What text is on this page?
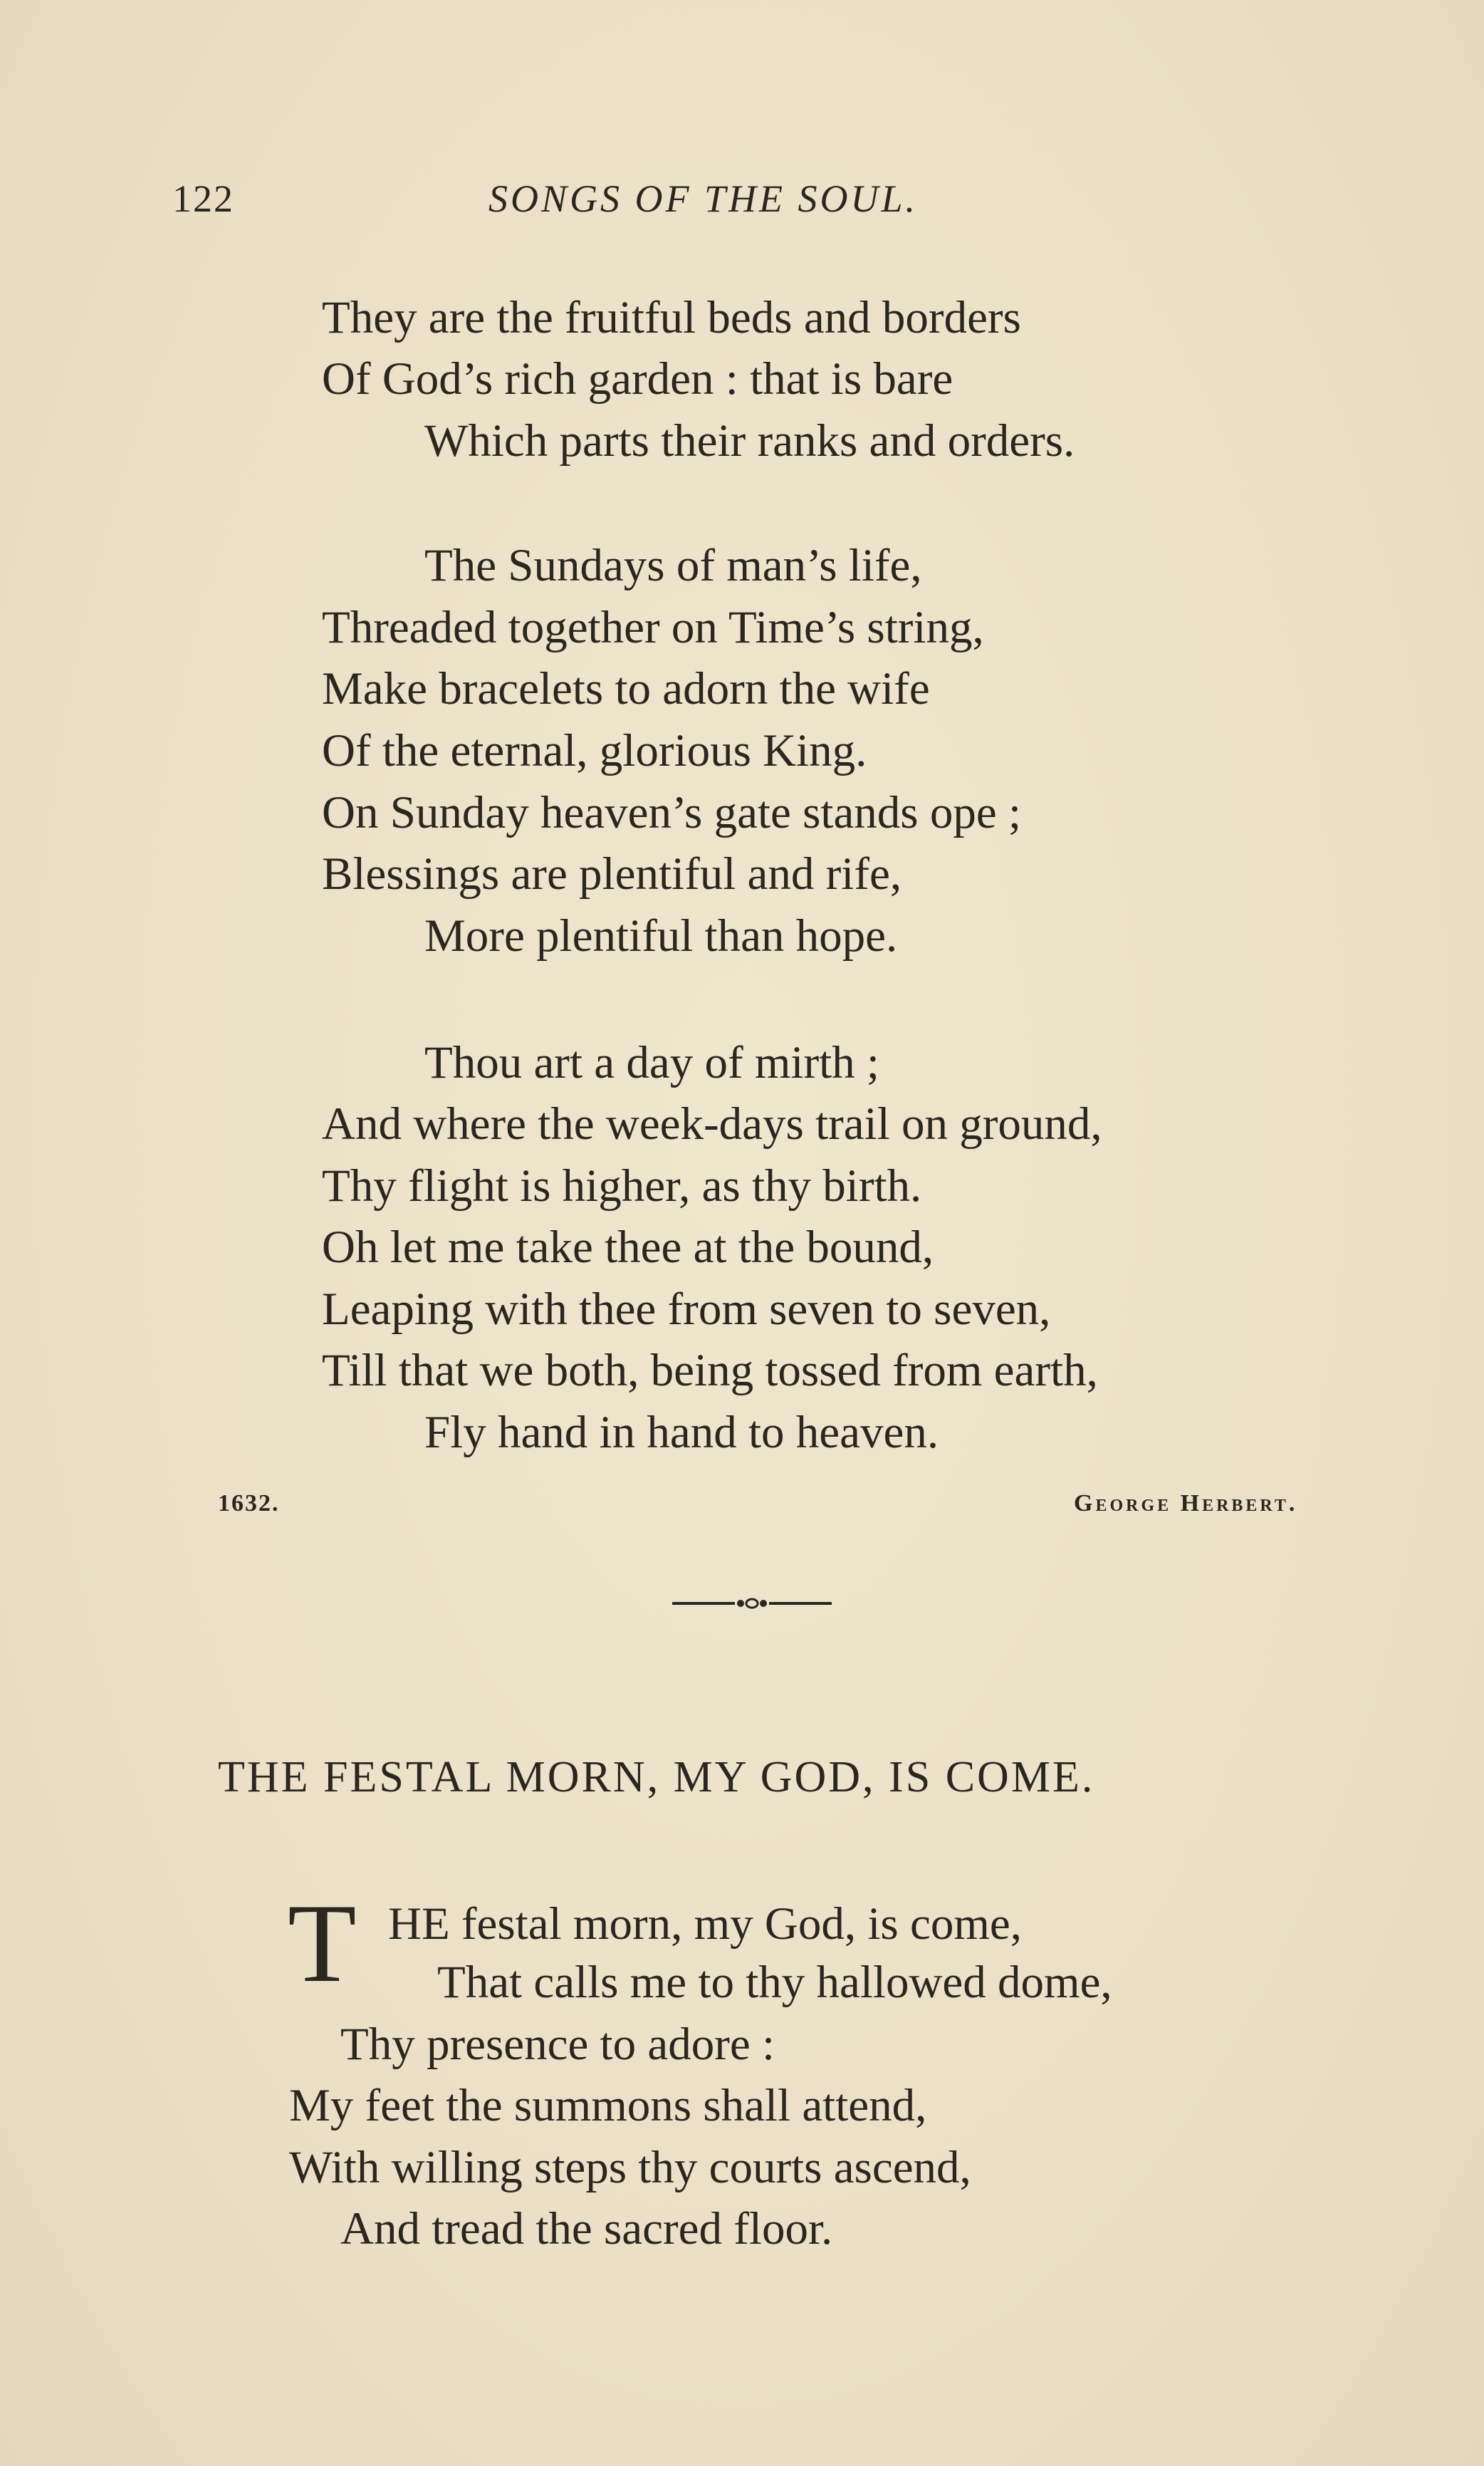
122	SONGS OF THE SOUL.
They are the fruitful beds and borders
Of God’s rich garden : that is bare
Which parts their ranks and orders.
The Sundays of man’s life,
Threaded together on Time’s string,
Make bracelets to adorn the wife
Of the eternal, glorious King.
On Sunday heaven’s gate stands ope ;
Blessings are plentiful and rife,
More plentiful than hope.
Thou art a day of mirth ;
And where the week-days trail on ground,
Thy flight is higher, as thy birth.
Oh let me take thee at the bound,
Leaping with thee from seven to seven,
Till that we both, being tossed from earth,
Fly hand in hand to heaven.
1632.	George Herbert.
THE FESTAL MORN, MY GOD, IS COME.
T HE festal morn, my God, is come,
That calls me to thy hallowed dome,
Thy presence to adore :
My feet the summons shall attend,
With willing steps thy courts ascend,
And tread the sacred floor.
